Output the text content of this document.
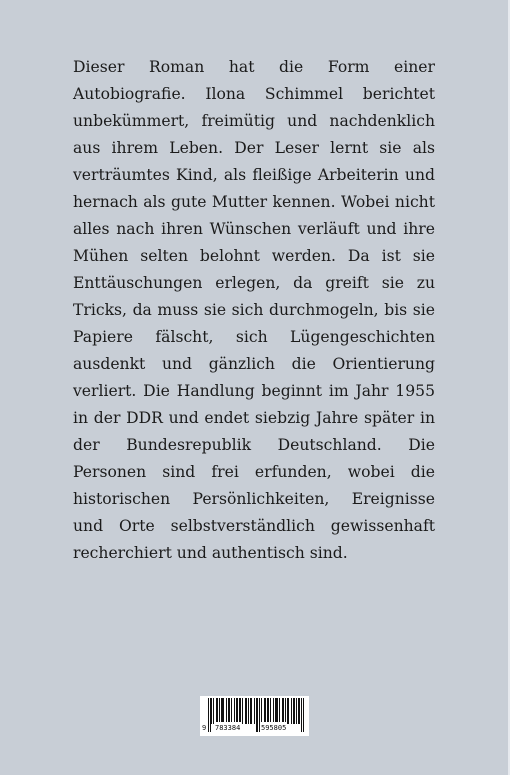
Dieser Roman hat die Form einer Autobiografie. Ilona Schimmel berichtet unbekümmert, freimütig und nachdenklich aus ihrem Leben. Der Leser lernt sie als verträumtes Kind, als fleißige Arbeiterin und hernach als gute Mutter kennen. Wobei nicht alles nach ihren Wünschen verläuft und ihre Mühen selten belohnt werden. Da ist sie Enttäuschungen erlegen, da greift sie zu Tricks, da muss sie sich durchmogeln, bis sie Papiere fälscht, sich Lügengeschichten ausdenkt und gänzlich die Orientierung verliert. Die Handlung beginnt im Jahr 1955 in der DDR und endet siebzig Jahre später in der Bundesrepublik Deutschland. Die Personen sind frei erfunden, wobei die historischen Persönlichkeiten, Ereignisse und Orte selbstverständlich gewissenhaft recherchiert und authentisch sind.

9 783384	595805
